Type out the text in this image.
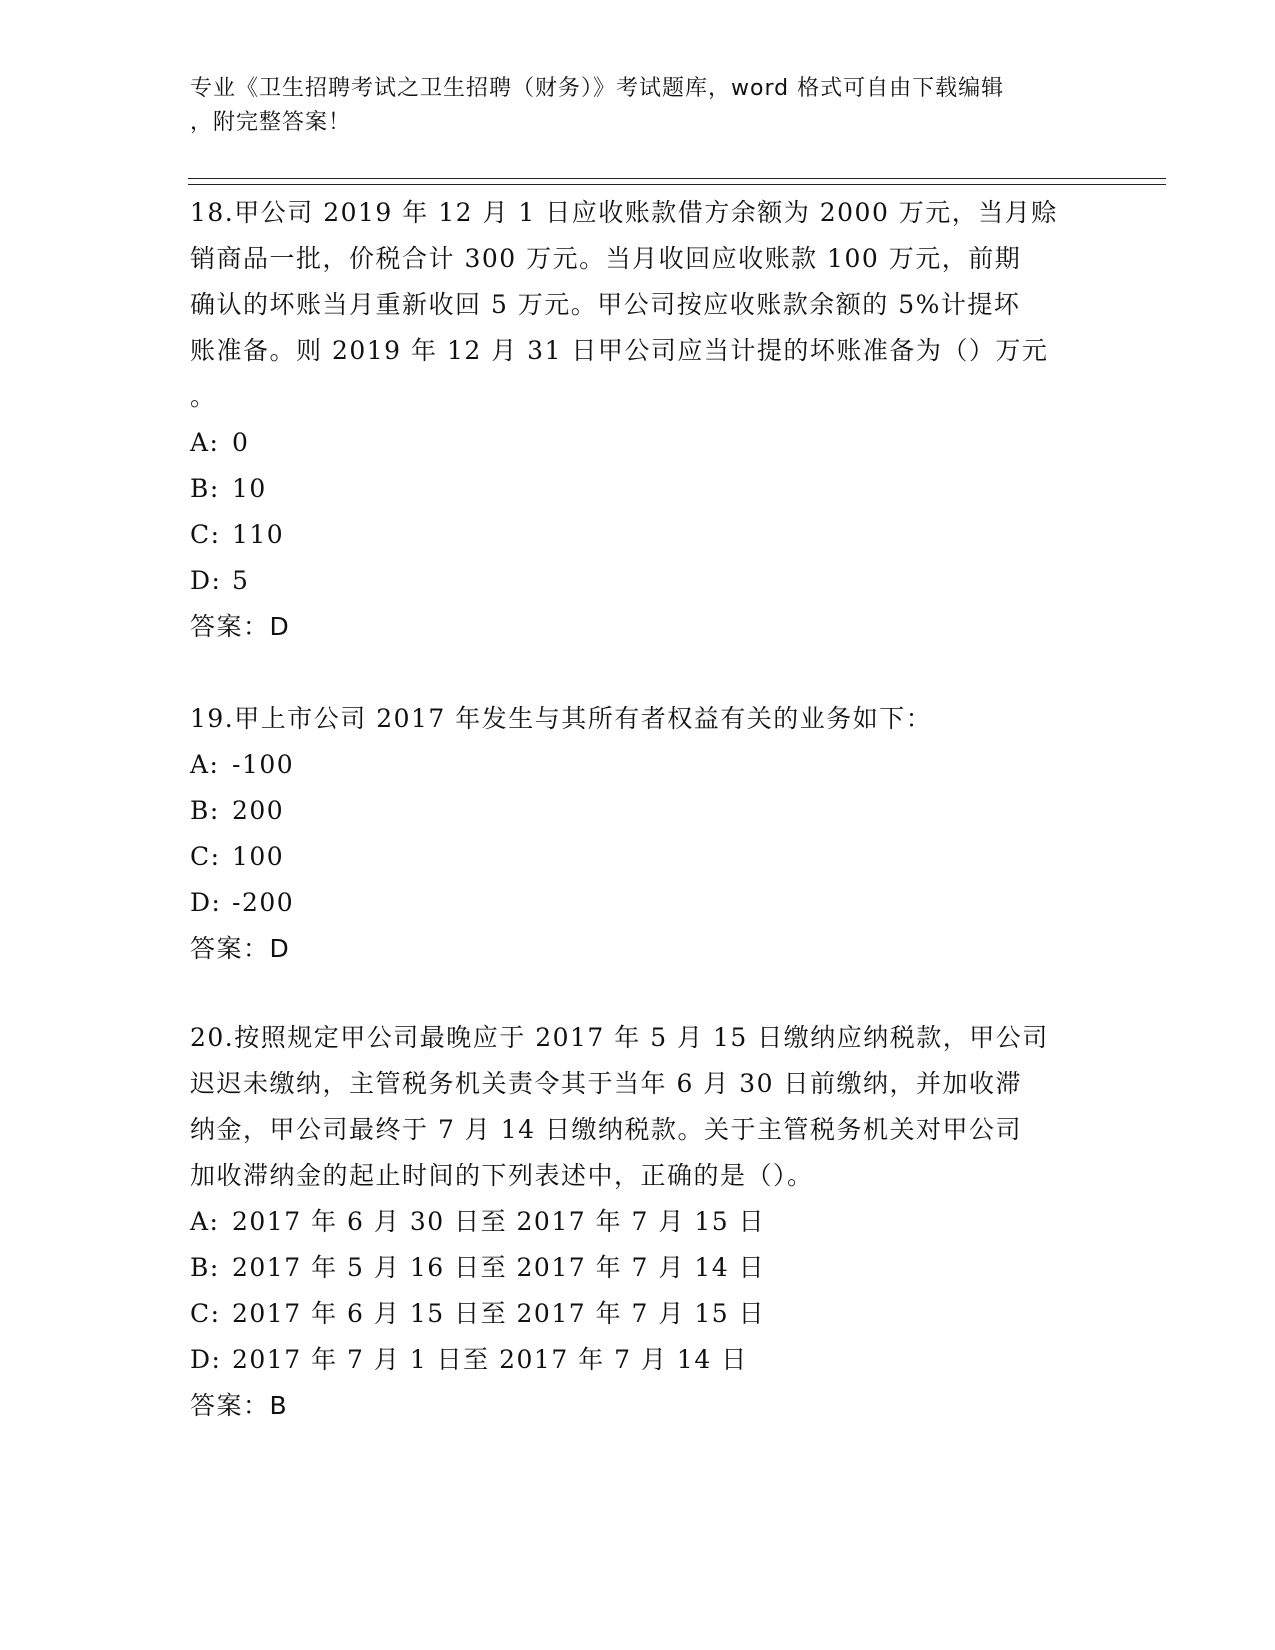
专业《卫生招聘考试之卫生招聘（财务）》考试题库，word 格式可自由下载编辑
，附完整答案！

18.甲公司 2019 年 12 月 1 日应收账款借方余额为 2000 万元，当月赊

销商品一批，价税合计 300 万元。当月收回应收账款 100 万元，前期

确认的坏账当月重新收回 5 万元。甲公司按应收账款余额的 5%计提坏

账准备。则 2019 年 12 月 31 日甲公司应当计提的坏账准备为（）万元

。

A: 0

B: 10

C: 110

D: 5

答案：D

19.甲上市公司 2017 年发生与其所有者权益有关的业务如下：

A: -100

B: 200

C: 100

D: -200

答案：D

20.按照规定甲公司最晚应于 2017 年 5 月 15 日缴纳应纳税款，甲公司

迟迟未缴纳，主管税务机关责令其于当年 6 月 30 日前缴纳，并加收滞

纳金，甲公司最终于 7 月 14 日缴纳税款。关于主管税务机关对甲公司

加收滞纳金的起止时间的下列表述中，正确的是（）。

A: 2017 年 6 月 30 日至 2017 年 7 月 15 日

B: 2017 年 5 月 16 日至 2017 年 7 月 14 日

C: 2017 年 6 月 15 日至 2017 年 7 月 15 日

D: 2017 年 7 月 1 日至 2017 年 7 月 14 日

答案：B
